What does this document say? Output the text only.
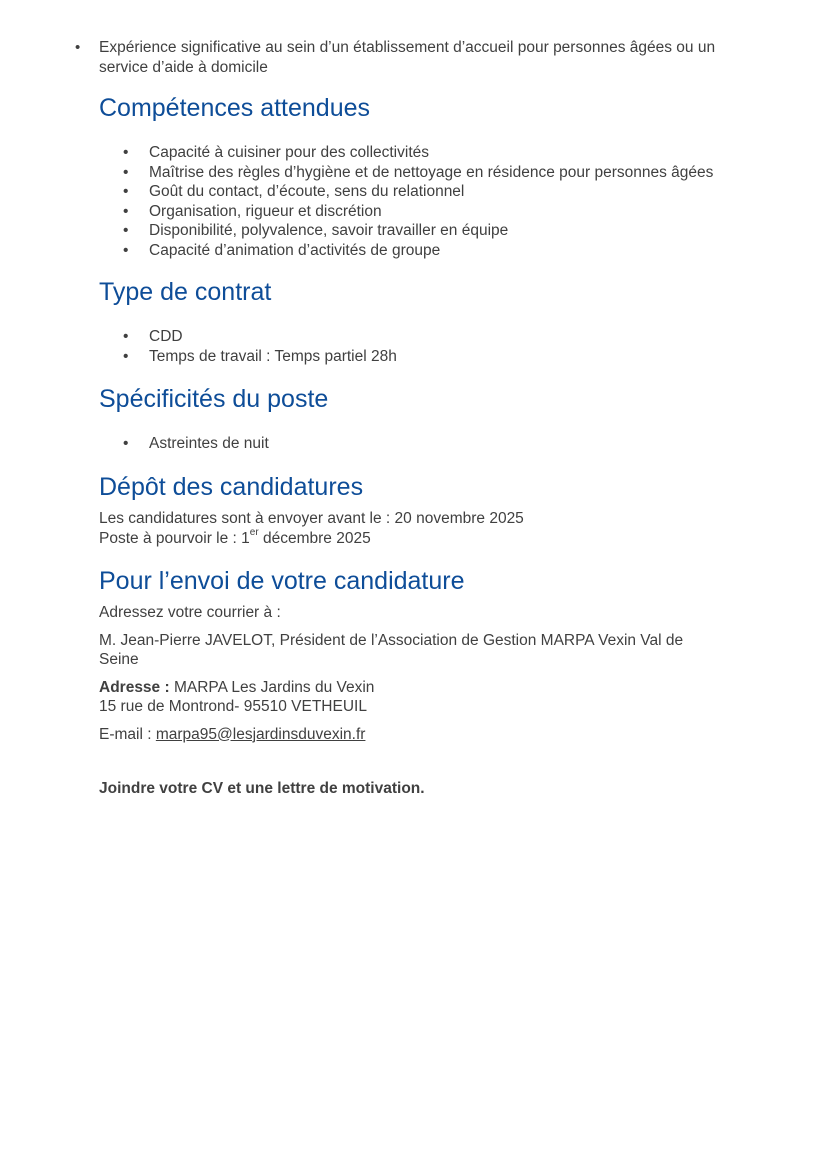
• Expérience significative au sein d’un établissement d’accueil pour personnes âgées ou un service d’aide à domicile
Compétences attendues
• Capacité à cuisiner pour des collectivités
• Maîtrise des règles d’hygiène et de nettoyage en résidence pour personnes âgées
• Goût du contact, d’écoute, sens du relationnel
• Organisation, rigueur et discrétion
• Disponibilité, polyvalence, savoir travailler en équipe
• Capacité d’animation d’activités de groupe
Type de contrat
• CDD
• Temps de travail : Temps partiel 28h
Spécificités du poste
• Astreintes de nuit
Dépôt des candidatures

Les candidatures sont à envoyer avant le : 20 novembre 2025

Poste à pourvoir le : 1er décembre 2025

Pour l’envoi de votre candidature

Adressez votre courrier à :

M. Jean-Pierre JAVELOT, Président de l’Association de Gestion MARPA Vexin Val de Seine

Adresse : MARPA Les Jardins du Vexin
15 rue de Montrond- 95510 VETHEUIL

E-mail : marpa95@lesjardinsduvexin.fr

Joindre votre CV et une lettre de motivation.
